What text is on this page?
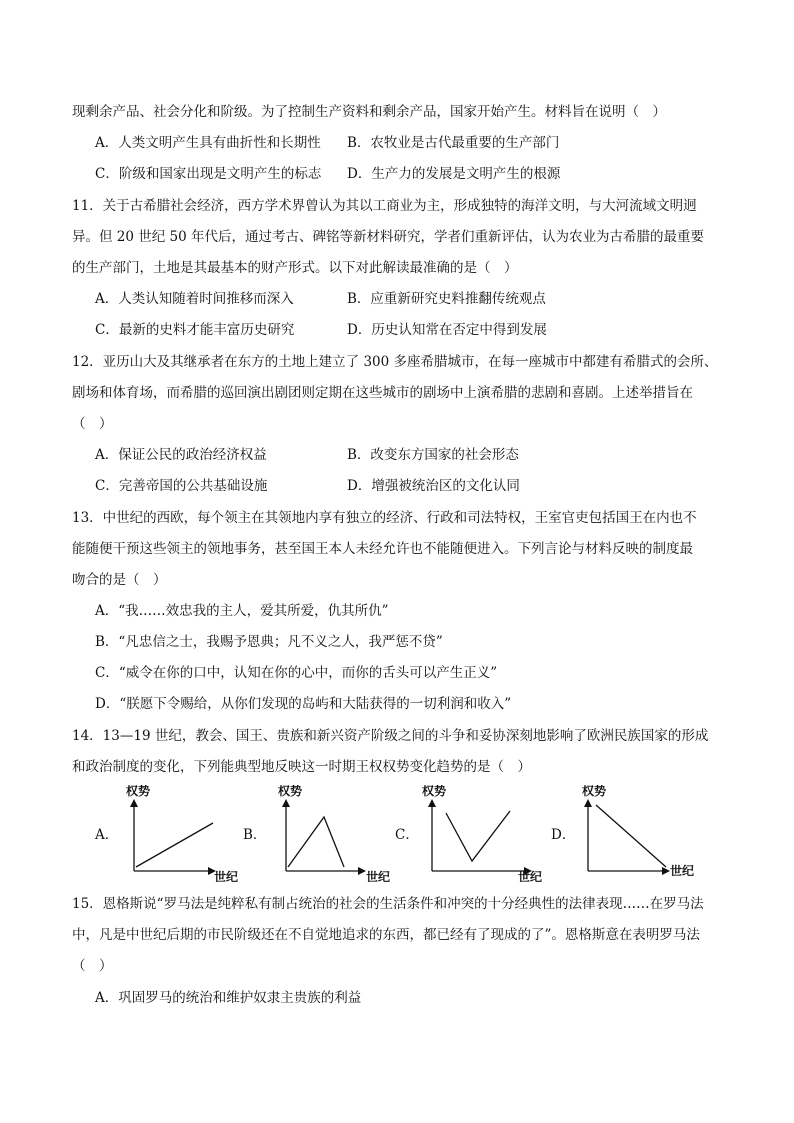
现剩余产品、社会分化和阶级。为了控制生产资料和剩余产品，国家开始产生。材料旨在说明（　）
A．人类文明产生具有曲折性和长期性 B．农牧业是古代最重要的生产部门
C．阶级和国家出现是文明产生的标志 D．生产力的发展是文明产生的根源
11．关于古希腊社会经济，西方学术界曾认为其以工商业为主，形成独特的海洋文明，与大河流域文明迥
异。但 20 世纪 50 年代后，通过考古、碑铭等新材料研究，学者们重新评估，认为农业为古希腊的最重要
的生产部门，土地是其最基本的财产形式。以下对此解读最准确的是（　）
A．人类认知随着时间推移而深入	B．应重新研究史料推翻传统观点
C．最新的史料才能丰富历史研究	D．历史认知常在否定中得到发展
12．亚历山大及其继承者在东方的土地上建立了 300 多座希腊城市，在每一座城市中都建有希腊式的会所、
剧场和体育场，而希腊的巡回演出剧团则定期在这些城市的剧场中上演希腊的悲剧和喜剧。上述举措旨在
（　）
A．保证公民的政治经济权益	B．改变东方国家的社会形态
C．完善帝国的公共基础设施	D．增强被统治区的文化认同
13．中世纪的西欧，每个领主在其领地内享有独立的经济、行政和司法特权，王室官吏包括国王在内也不
能随便干预这些领主的领地事务，甚至国王本人未经允许也不能随便进入。下列言论与材料反映的制度最
吻合的是（　）
A．“我……效忠我的主人，爱其所爱，仇其所仇”
B．“凡忠信之士，我赐予恩典；凡不义之人，我严惩不贷”
C．“威令在你的口中，认知在你的心中，而你的舌头可以产生正义”
D．“朕愿下令赐给，从你们发现的岛屿和大陆获得的一切利润和收入”
14．13—19 世纪，教会、国王、贵族和新兴资产阶级之间的斗争和妥协深刻地影响了欧洲民族国家的形成
和政治制度的变化，下列能典型地反映这一时期王权权势变化趋势的是（　）
A．
权势
世纪
B．
权势
世纪
C．
权势
世纪
D．
权势
世纪
15．恩格斯说“罗马法是纯粹私有制占统治的社会的生活条件和冲突的十分经典性的法律表现……在罗马法
中，凡是中世纪后期的市民阶级还在不自觉地追求的东西，都已经有了现成的了”。恩格斯意在表明罗马法
（　）
A．巩固罗马的统治和维护奴隶主贵族的利益
